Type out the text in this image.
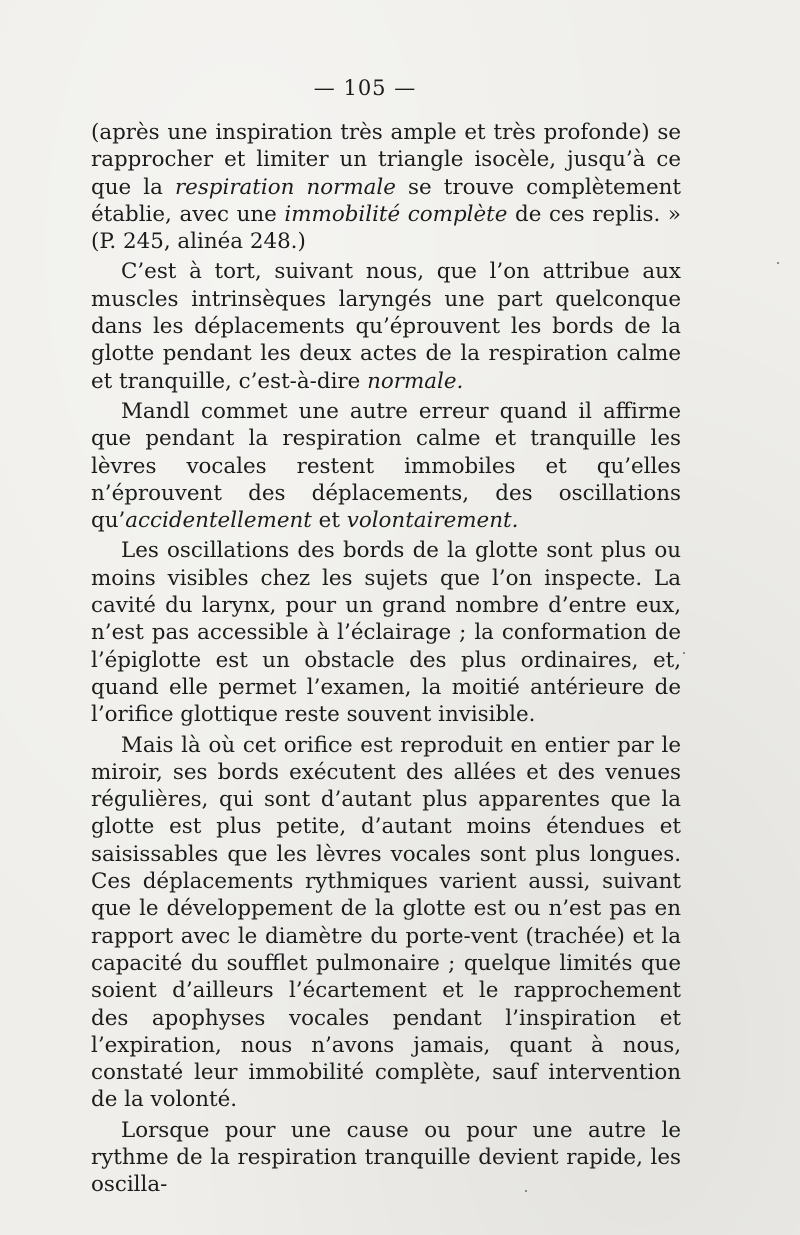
— 105 —

(après une inspiration très ample et très profonde) se rapprocher et limiter un triangle isocèle, jusqu’à ce que la respiration normale se trouve complètement établie, avec une immobilité complète de ces replis. » (P. 245, alinéa 248.)

C’est à tort, suivant nous, que l’on attribue aux muscles intrinsèques laryngés une part quelconque dans les déplacements qu’éprouvent les bords de la glotte pendant les deux actes de la respiration calme et tranquille, c’est-à-dire normale.

Mandl commet une autre erreur quand il affirme que pendant la respiration calme et tranquille les lèvres vocales restent immobiles et qu’elles n’éprouvent des déplacements, des oscillations qu’accidentellement et volontairement.

Les oscillations des bords de la glotte sont plus ou moins visibles chez les sujets que l’on inspecte. La cavité du larynx, pour un grand nombre d’entre eux, n’est pas accessible à l’éclairage ; la conformation de l’épiglotte est un obstacle des plus ordinaires, et, quand elle permet l’examen, la moitié antérieure de l’orifice glottique reste souvent invisible.

Mais là où cet orifice est reproduit en entier par le miroir, ses bords exécutent des allées et des venues régulières, qui sont d’autant plus apparentes que la glotte est plus petite, d’autant moins étendues et saisissables que les lèvres vocales sont plus longues. Ces déplacements rythmiques varient aussi, suivant que le développement de la glotte est ou n’est pas en rapport avec le diamètre du porte-vent (trachée) et la capacité du soufflet pulmonaire ; quelque limités que soient d’ailleurs l’écartement et le rapprochement des apophyses vocales pendant l’inspiration et l’expiration, nous n’avons jamais, quant à nous, constaté leur immobilité complète, sauf intervention de la volonté.

Lorsque pour une cause ou pour une autre le rythme de la respiration tranquille devient rapide, les oscilla-
